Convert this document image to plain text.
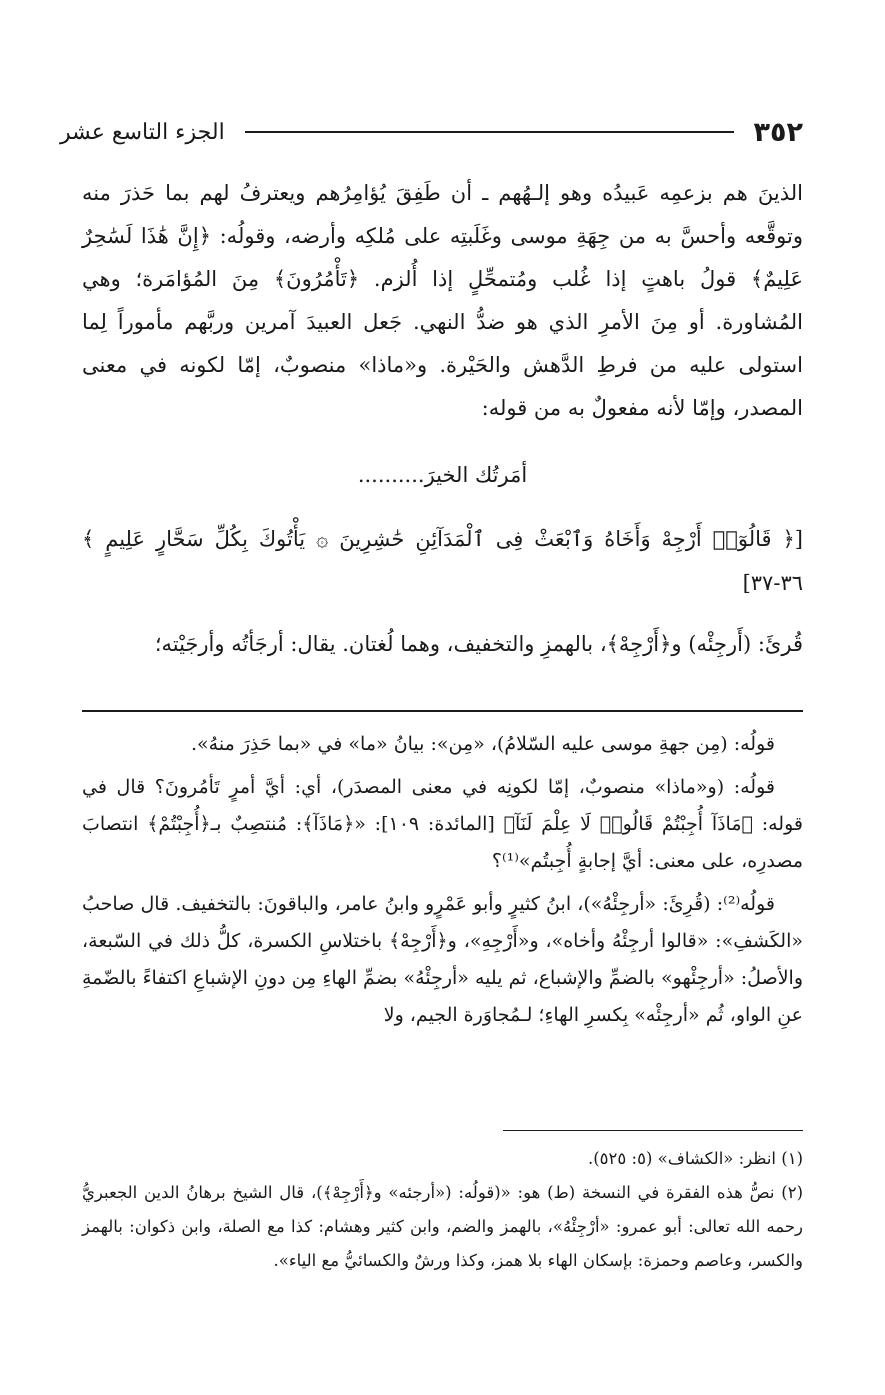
٣٥٢
الجزء التاسع عشر

الذينَ هم بزعمِه عَبيدُه وهو إلـهُهم ـ أن طَفِقَ يُؤامِرُهم ويعترفُ لهم بما حَذرَ منه وتوقَّعه وأحسَّ به من جِهَةِ موسى وغَلَبتِه على مُلكِه وأرضه، وقولُه: ﴿إِنَّ هَٰذَا لَسَٰحِرٌ عَلِيمٌ﴾ قولُ باهتٍ إذا غُلب ومُتمحِّلٍ إذا أُلزم. ﴿تَأْمُرُونَ﴾ مِنَ المُؤامَرة؛ وهي المُشاورة. أو مِنَ الأمرِ الذي هو ضدُّ النهي. جَعل العبيدَ آمرين وربَّهم مأموراً لِما استولى عليه من فرطِ الدَّهش والحَيْرة. و«ماذا» منصوبٌ، إمّا لكونه في معنى المصدر، وإمّا لأنه مفعولٌ به من قوله:

أمَرتُك الخيرَ..........

[﴿ قَالُوٓا۟ أَرْجِهْ وَأَخَاهُ وَٱبْعَثْ فِى ٱلْمَدَآئِنِ حَٰشِرِينَ ۞ يَأْتُوكَ بِكُلِّ سَحَّارٍ عَلِيمٍ ﴾ ٣٦-٣٧]

قُرئَ: (أَرجِئْه) و﴿أَرْجِهْ﴾، بالهمزِ والتخفيف، وهما لُغتان. يقال: أرجَأتُه وأرجَيْته؛

قولُه: (مِن جهةِ موسى عليه السّلامُ)، «مِن»: بيانُ «ما» في «بما حَذِرَ منهُ».

قولُه: (و«ماذا» منصوبٌ، إمّا لكونِه في معنى المصدَر)، أي: أيَّ أمرٍ تَأمُرونَ؟ قال في قوله: ﴿مَاذَآ أُجِبْتُمْ قَالُوا۟ لَا عِلْمَ لَنَآ﴾ [المائدة: ١٠٩]: «﴿مَاذَآ﴾: مُنتصِبٌ بـ﴿أُجِبْتُمْ﴾ انتصابَ مصدرِه، على معنى: أيَّ إجابةٍ أُجِبتُم»⁽¹⁾؟

قولُه⁽²⁾: (قُرِئَ: «أرجِئْهُ»)، ابنُ كثيرٍ وأبو عَمْرٍو وابنُ عامر، والباقونَ: بالتخفيف. قال صاحبُ «الكَشفِ»: «قالوا أرجِئْهُ وأخاه»، و«أَرْجِهِ»، و﴿أَرْجِهْ﴾ باختلاسِ الكسرة، كلُّ ذلك في السّبعة، والأصلُ: «أرجِئْهو» بالضمِّ والإشباع، ثم يليه «أرجِئْهُ» بضمِّ الهاءِ مِن دونِ الإشباعِ اكتفاءً بالضّمةِ عنِ الواو، ثُم «أرجِئْه» بِكسرِ الهاءِ؛ لـمُجاوَرة الجيم، ولا

(١) انظر: «الكشاف» (٥: ٥٢٥).

(٢) نصُّ هذه الفقرة في النسخة (ط) هو: «(قولُه: («أرجئه» و﴿أَرْجِهْ﴾)، قال الشيخ برهانُ الدين الجعبريُّ رحمه الله تعالى: أبو عمرو: «أرْجِئْهُ»، بالهمز والضم، وابن كثير وهشام: كذا مع الصلة، وابن ذكوان: بالهمز والكسر، وعاصم وحمزة: بإسكان الهاء بلا همز، وكذا ورشٌ والكسائيُّ مع الياء».
